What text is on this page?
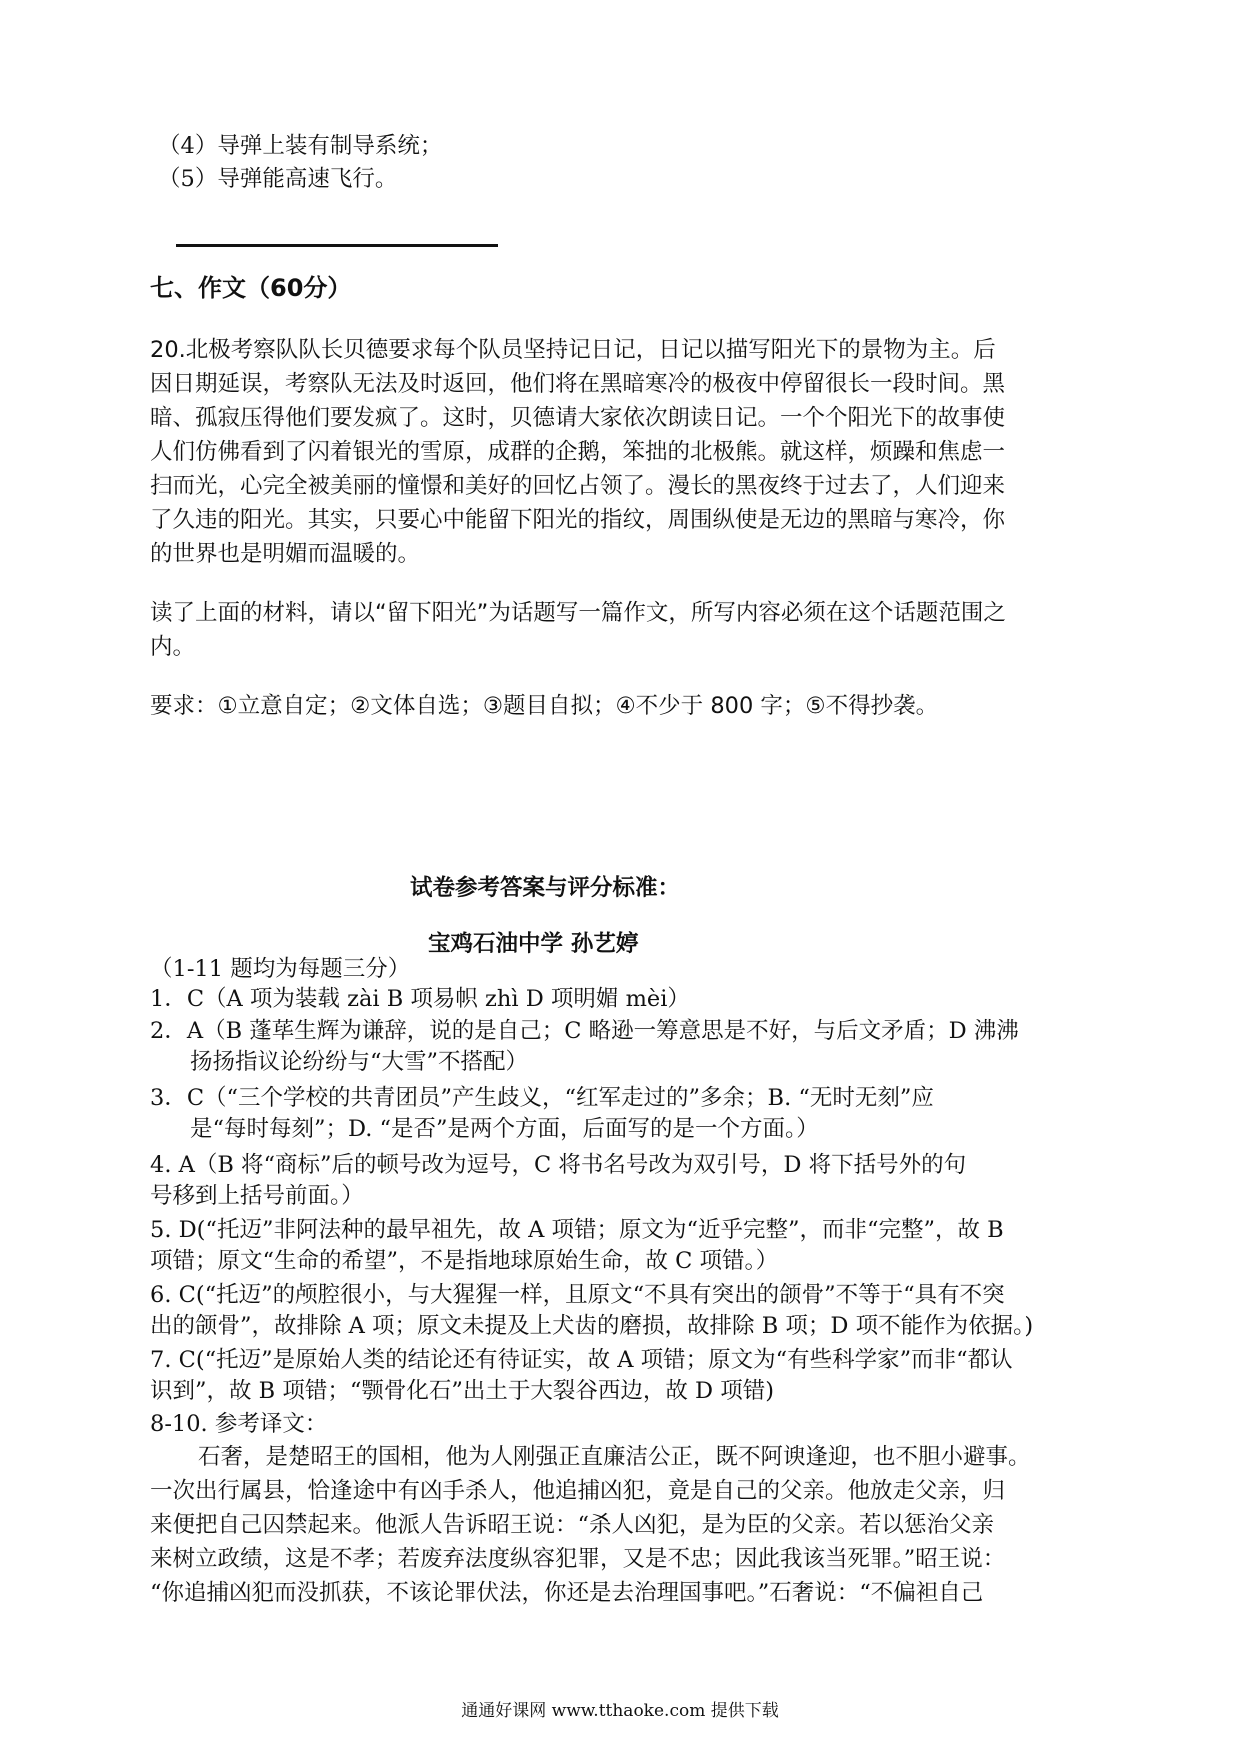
（4）导弹上装有制导系统；
（5）导弹能高速飞行。
七、作文（60分）
20.北极考察队队长贝德要求每个队员坚持记日记，日记以描写阳光下的景物为主。后
因日期延误，考察队无法及时返回，他们将在黑暗寒冷的极夜中停留很长一段时间。黑
暗、孤寂压得他们要发疯了。这时，贝德请大家依次朗读日记。一个个阳光下的故事使
人们仿佛看到了闪着银光的雪原，成群的企鹅，笨拙的北极熊。就这样，烦躁和焦虑一
扫而光，心完全被美丽的憧憬和美好的回忆占领了。漫长的黑夜终于过去了，人们迎来
了久违的阳光。其实，只要心中能留下阳光的指纹，周围纵使是无边的黑暗与寒冷，你
的世界也是明媚而温暖的。
读了上面的材料，请以“留下阳光”为话题写一篇作文，所写内容必须在这个话题范围之
内。
要求：①立意自定；②文体自选；③题目自拟；④不少于 800 字；⑤不得抄袭。
试卷参考答案与评分标准：
宝鸡石油中学 孙艺婷
（1-11 题均为每题三分）
1．C（A 项为装载 zài B 项易帜 zhì D 项明媚 mèi）
2．A（B 蓬荜生辉为谦辞，说的是自己；C 略逊一筹意思是不好，与后文矛盾；D 沸沸
扬扬指议论纷纷与“大雪”不搭配）
3．C（“三个学校的共青团员”产生歧义，“红军走过的”多余；B. “无时无刻”应
是“每时每刻”；D. “是否”是两个方面，后面写的是一个方面。）
4. A（B 将“商标”后的顿号改为逗号，C 将书名号改为双引号，D 将下括号外的句
号移到上括号前面。）
5. D(“托迈”非阿法种的最早祖先，故 A 项错；原文为“近乎完整”，而非“完整”，故 B
项错；原文“生命的希望”，不是指地球原始生命，故 C 项错。）
6. C(“托迈”的颅腔很小，与大猩猩一样，且原文“不具有突出的颌骨”不等于“具有不突
出的颌骨”，故排除 A 项；原文未提及上犬齿的磨损，故排除 B 项；D 项不能作为依据。)
7. C(“托迈”是原始人类的结论还有待证实，故 A 项错；原文为“有些科学家”而非“都认
识到”，故 B 项错；“颚骨化石”出土于大裂谷西边，故 D 项错)
8-10. 参考译文：
石奢，是楚昭王的国相，他为人刚强正直廉洁公正，既不阿谀逢迎，也不胆小避事。
一次出行属县，恰逢途中有凶手杀人，他追捕凶犯，竟是自己的父亲。他放走父亲，归
来便把自己囚禁起来。他派人告诉昭王说：“杀人凶犯，是为臣的父亲。若以惩治父亲
来树立政绩，这是不孝；若废弃法度纵容犯罪，又是不忠；因此我该当死罪。”昭王说：
“你追捕凶犯而没抓获，不该论罪伏法，你还是去治理国事吧。”石奢说：“不偏袒自己
通通好课网 www.tthaoke.com 提供下载
